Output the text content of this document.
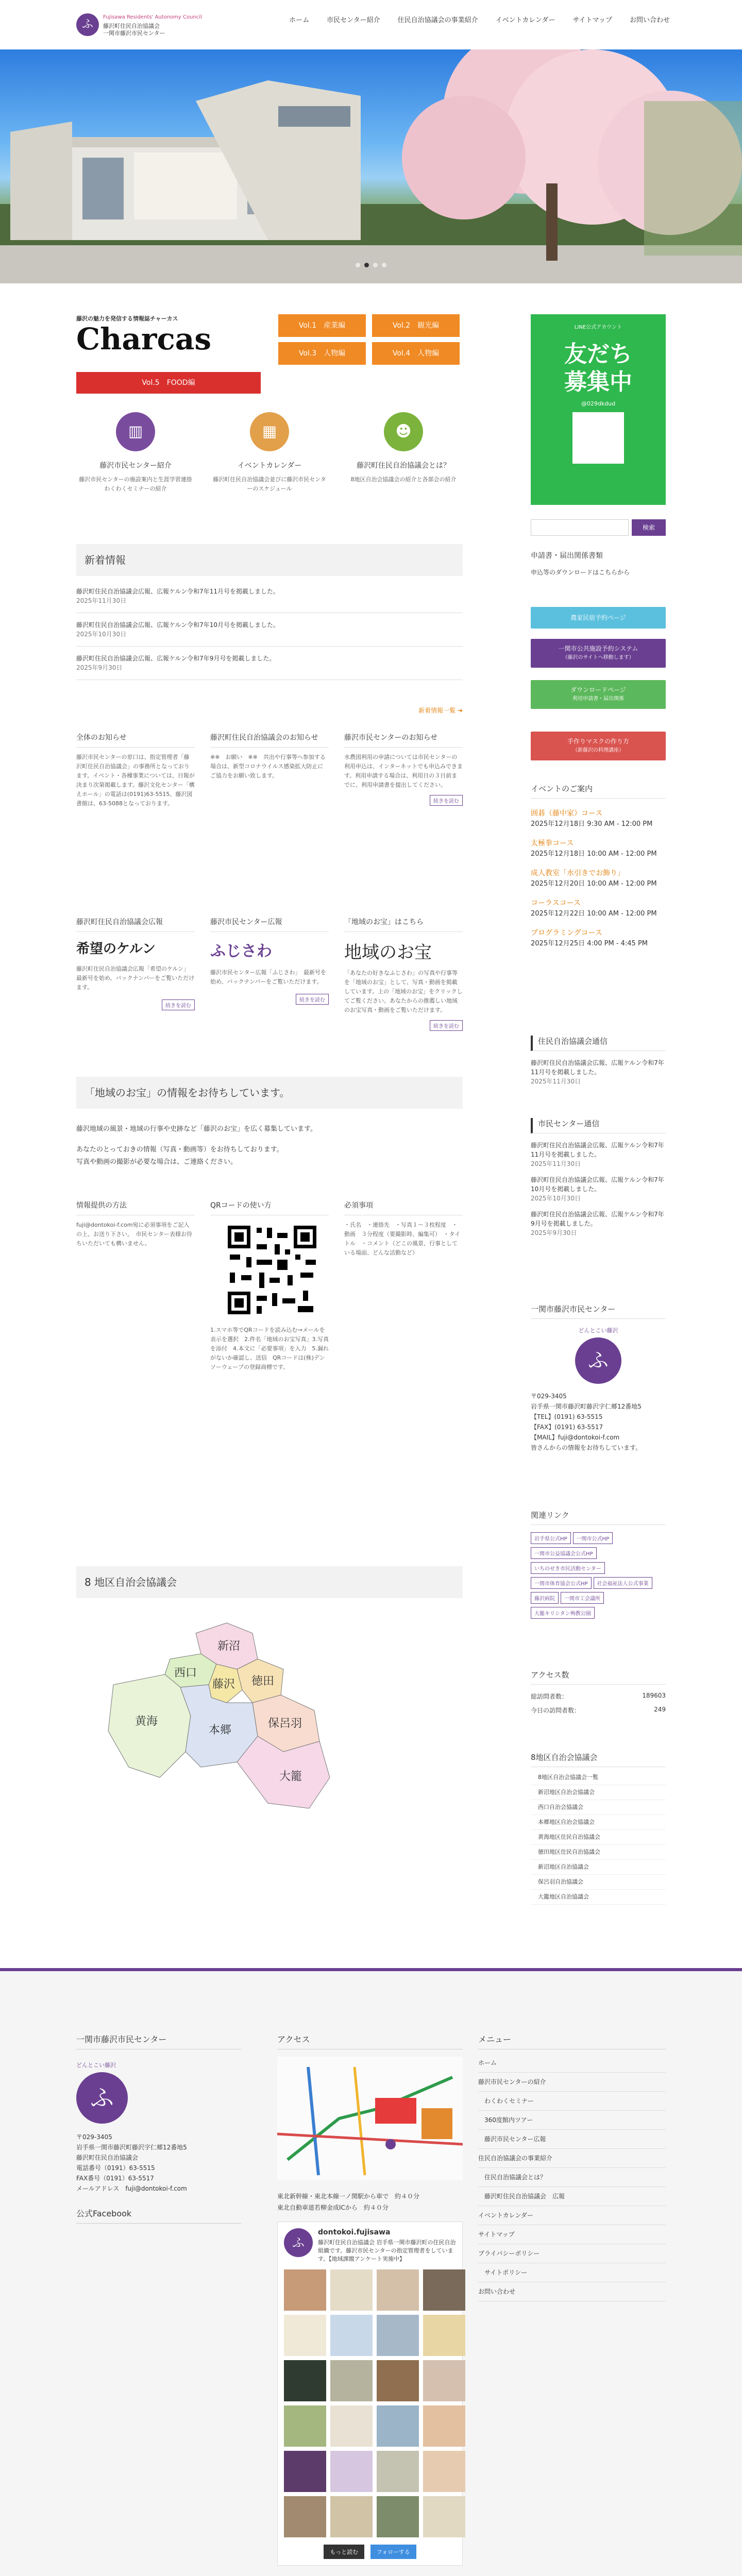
ふ
Fujisawa Residents' Autonomy Council
藤沢町住民自治協議会
一関市藤沢市民センター
ホーム	市民センター紹介	住民自治協議会の事業紹介	イベントカレンダー	サイトマップ	お問い合わせ
藤沢の魅力を発信する情報誌チャーカス
Charcas
Vol.5　FOOD編
Vol.1　産業編	Vol.2　観光編
Vol.3　人物編	Vol.4　人物編
▥
藤沢市民センター紹介
藤沢市民センターの施設案内と生涯学習連絡わくわくセミナーの紹介
▦
イベントカレンダー
藤沢町住民自治協議会並びに藤沢市民センターのスケジュール
☻
藤沢町住民自治協議会とは？
8地区自治会協議会の紹介と各部会の紹介
新着情報
藤沢町住民自治協議会広報、広報ケルン令和7年11月号を掲載しました。
2025年11月30日
藤沢町住民自治協議会広報、広報ケルン令和7年10月号を掲載しました。
2025年10月30日
藤沢町住民自治協議会広報、広報ケルン令和7年9月号を掲載しました。
2025年9月30日
新着情報一覧 ➔
全体のお知らせ
藤沢市民センターの窓口は、指定管理者「藤沢町住民自治協議会」の事務所となっております。イベント・各種事業については、日報が決まり次第掲載します。藤沢文化センター「構えホール」の電話は(0191)63-5515、藤沢図書館は、63-5088となっております。
藤沢町住民自治協議会のお知らせ
※※　お願い　※※　共出や行事等へ参加する場合は、新型コロナウイルス感染拡大防止にご協力をお願い致します。
藤沢市民センターのお知らせ
水農図利用の申請については市民センターの利用申込は、インターネットでも申込みできます。利用申請する場合は、利用日の３日前までに、利用申請書を提出してください。
続きを読む
藤沢町住民自治協議会広報
希望のケルン
藤沢町住民自治協議会広報「希望のケルン」　最新号を始め、バックナンバーをご覧いただけます。
続きを読む
藤沢市民センター広報
ふじさわ
藤沢市民センター広報「ふじさわ」　最新号を始め、バックナンバーをご覧いただけます。
続きを読む
「地域のお宝」はこちら
地域のお宝
「あなたの好きなふじさわ」の写真や行事等を「地域のお宝」として、写真・動画を掲載しています。上の「地域のお宝」をクリックしてご覧ください。あなたからの推薦しい地域のお宝写真・動画をご覧いただけます。
続きを読む
「地域のお宝」の情報をお待ちしています。
藤沢地域の風景・地域の行事や史跡など「藤沢のお宝」を広く募集しています。
あなたのとっておきの情報（写真・動画等）をお待ちしております。
写真や動画の撮影が必要な場合は、ご連絡ください。
情報提供の方法
fuji@dontokoi-f.com宛に必須事項をご記入の上、お送り下さい。　市民センター表様お待ちいただいても構いません。
QRコードの使い方
1.スマホ等でQRコードを読み込む→メールを表示を選択　2.件名「地域のお宝写真」3.写真を添付　4.本文に「必要事項」を入力　5.漏れがないか確認し、送信　QRコードは(株)デンソーウェーブの登録商標です。
必須事項
・氏名　・連絡先　・写真１〜３枚程度　・動画　３分程度（要撮影時、編集可）　・タイトル　・コメント（どこの風景、行事としている場面、どんな活動など）
8 地区自治会協議会
新沼
西口
藤沢 徳田
黄海	保呂羽
本郷
大籠
LINE公式アカウント
友だち
募集中
@029dkdud
検索
申請書・届出関係書類
申込等のダウンロードはこちらから
農家民宿予約ページ
一関市公共施設予約システム
（藤沢のサイトへ移動します）
ダウンロードページ
利用申請書・届出関係
手作りマスクの作り方
（新藤沢の料理講座）
イベントのご案内
囲碁（藤中家）コース
2025年12月18日 9:30 AM - 12:00 PM
太極拳コース
2025年12月18日 10:00 AM - 12:00 PM
成人教室「水引きでお飾り」
2025年12月20日 10:00 AM - 12:00 PM
コーラスコース
2025年12月22日 10:00 AM - 12:00 PM
プログラミングコース
2025年12月25日 4:00 PM - 4:45 PM
住民自治協議会通信
藤沢町住民自治協議会広報、広報ケルン令和7年11月号を掲載しました。
2025年11月30日
市民センター通信
藤沢町住民自治協議会広報、広報ケルン令和7年11月号を掲載しました。
2025年11月30日
藤沢町住民自治協議会広報、広報ケルン令和7年10月号を掲載しました。
2025年10月30日
藤沢町住民自治協議会広報、広報ケルン令和7年9月号を掲載しました。
2025年9月30日
一関市藤沢市民センター
どんとこい藤沢
ふ
〒029-3405
岩手県一関市藤沢町藤沢字仁郷12番地5
【TEL】(0191) 63-5515
【FAX】(0191) 63-5517
【MAIL】fuji@dontokoi-f.com
皆さんからの情報をお待ちしています。
関連リンク
岩手県公式HP 一関市公式HP 一関市公益協議会公式HPいちのせき市民活動センター 一関市体育協会公式HP 社会福祉法人公式事業 藤沢病院 一関市工会議所 大籠キリシタン殉教公園
アクセス数
総訪問者数：	189603
今日の訪問者数：	249
8地区自治会協議会
8地区自治会協議会一覧
新沼地区自治会協議会
西口自治会協議会
本郷地区自治会協議会
黄海地区住民自治協議会
徳田地区住民自治協議会
新沼地区自治協議会
保呂羽自治協議会
大籠地区自治協議会
一関市藤沢市民センター
どんとこい藤沢
ふ
〒029-3405
岩手県一関市藤沢町藤沢字仁郷12番地5
藤沢町住民自治協議会
電話番号（0191）63-5515
FAX番号（0191）63-5517
メールアドレス　fuji@dontokoi-f.com
公式Facebook
アクセス
東北新幹線・東北本線一ノ関駅から車で　約４０分
東北自動車道若柳金成ICから　約４０分
ふ
dontokoi.fujisawa
藤沢町住民自治協議会 岩手県一関市藤沢町の住民自治組織です。藤沢市民センターの指定管理者をしています。【地域課題アンケート実施中】
もっと読む	フォローする
メニュー
ホーム
藤沢市民センターの紹介
わくわくセミナー
360度館内ツアー
藤沢市民センター広報
住民自治協議会の事業紹介
住民自治協議会とは？
藤沢町住民自治協議会　広報
イベントカレンダー
サイトマップ
プライバシーポリシー
サイトポリシー
お問い合わせ
